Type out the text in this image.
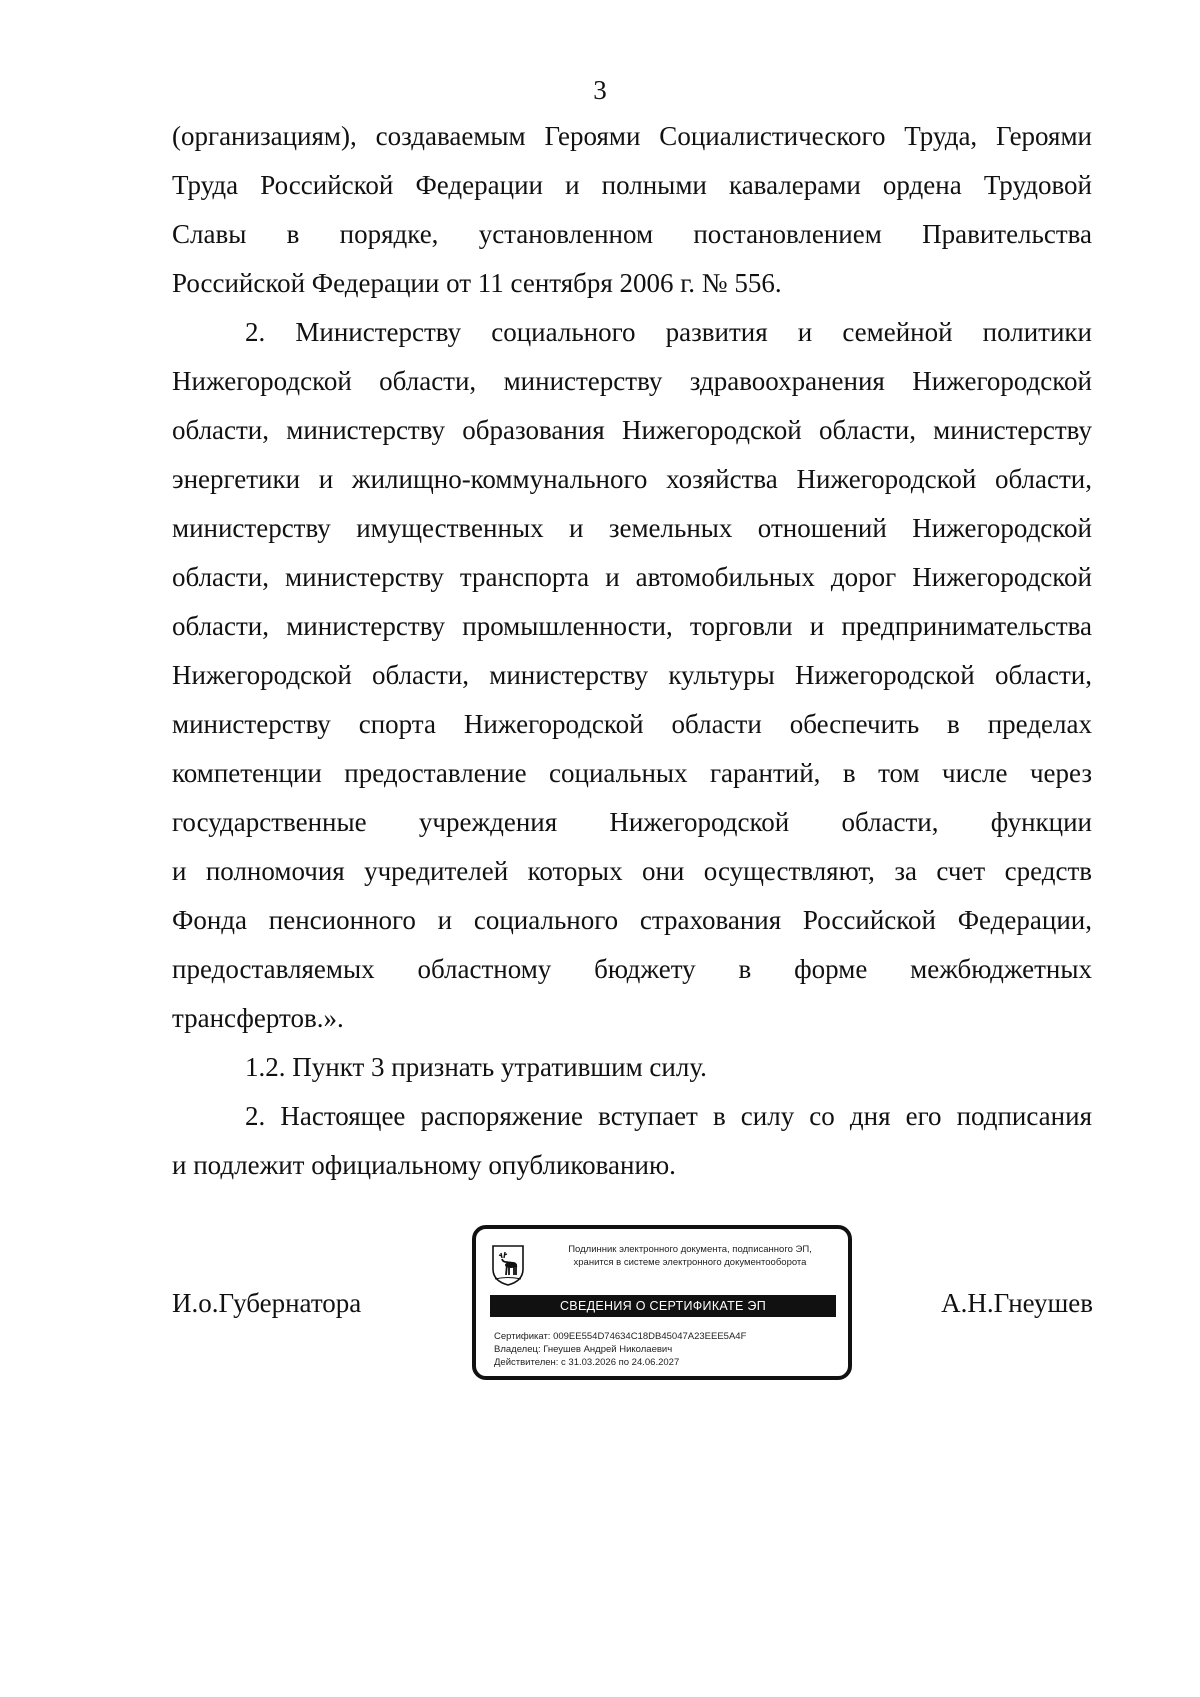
3

(организациям), создаваемым Героями Социалистического Труда, Героями
Труда Российской Федерации и полными кавалерами ордена Трудовой
Славы в порядке, установленном постановлением Правительства
Российской Федерации от 11 сентября 2006 г. № 556.

2. Министерству социального развития и семейной политики
Нижегородской области, министерству здравоохранения Нижегородской
области, министерству образования Нижегородской области, министерству
энергетики и жилищно-коммунального хозяйства Нижегородской области,
министерству имущественных и земельных отношений Нижегородской
области, министерству транспорта и автомобильных дорог Нижегородской
области, министерству промышленности, торговли и предпринимательства
Нижегородской области, министерству культуры Нижегородской области,
министерству спорта Нижегородской области обеспечить в пределах
компетенции предоставление социальных гарантий, в том числе через
государственные учреждения Нижегородской области, функции
и полномочия учредителей которых они осуществляют, за счет средств
Фонда пенсионного и социального страхования Российской Федерации,
предоставляемых областному бюджету в форме межбюджетных
трансфертов.».

1.2. Пункт 3 признать утратившим силу.

2. Настоящее распоряжение вступает в силу со дня его подписания
и подлежит официальному опубликованию.

И.о.Губернатора	А.Н.Гнеушев
Подлинник электронного документа, подписанного ЭП,
хранится в системе электронного документооборота
СВЕДЕНИЯ О СЕРТИФИКАТЕ ЭП
Сертификат: 009EE554D74634C18DB45047A23EEE5A4F
Владелец: Гнеушев Андрей Николаевич
Действителен: с 31.03.2026 по 24.06.2027
